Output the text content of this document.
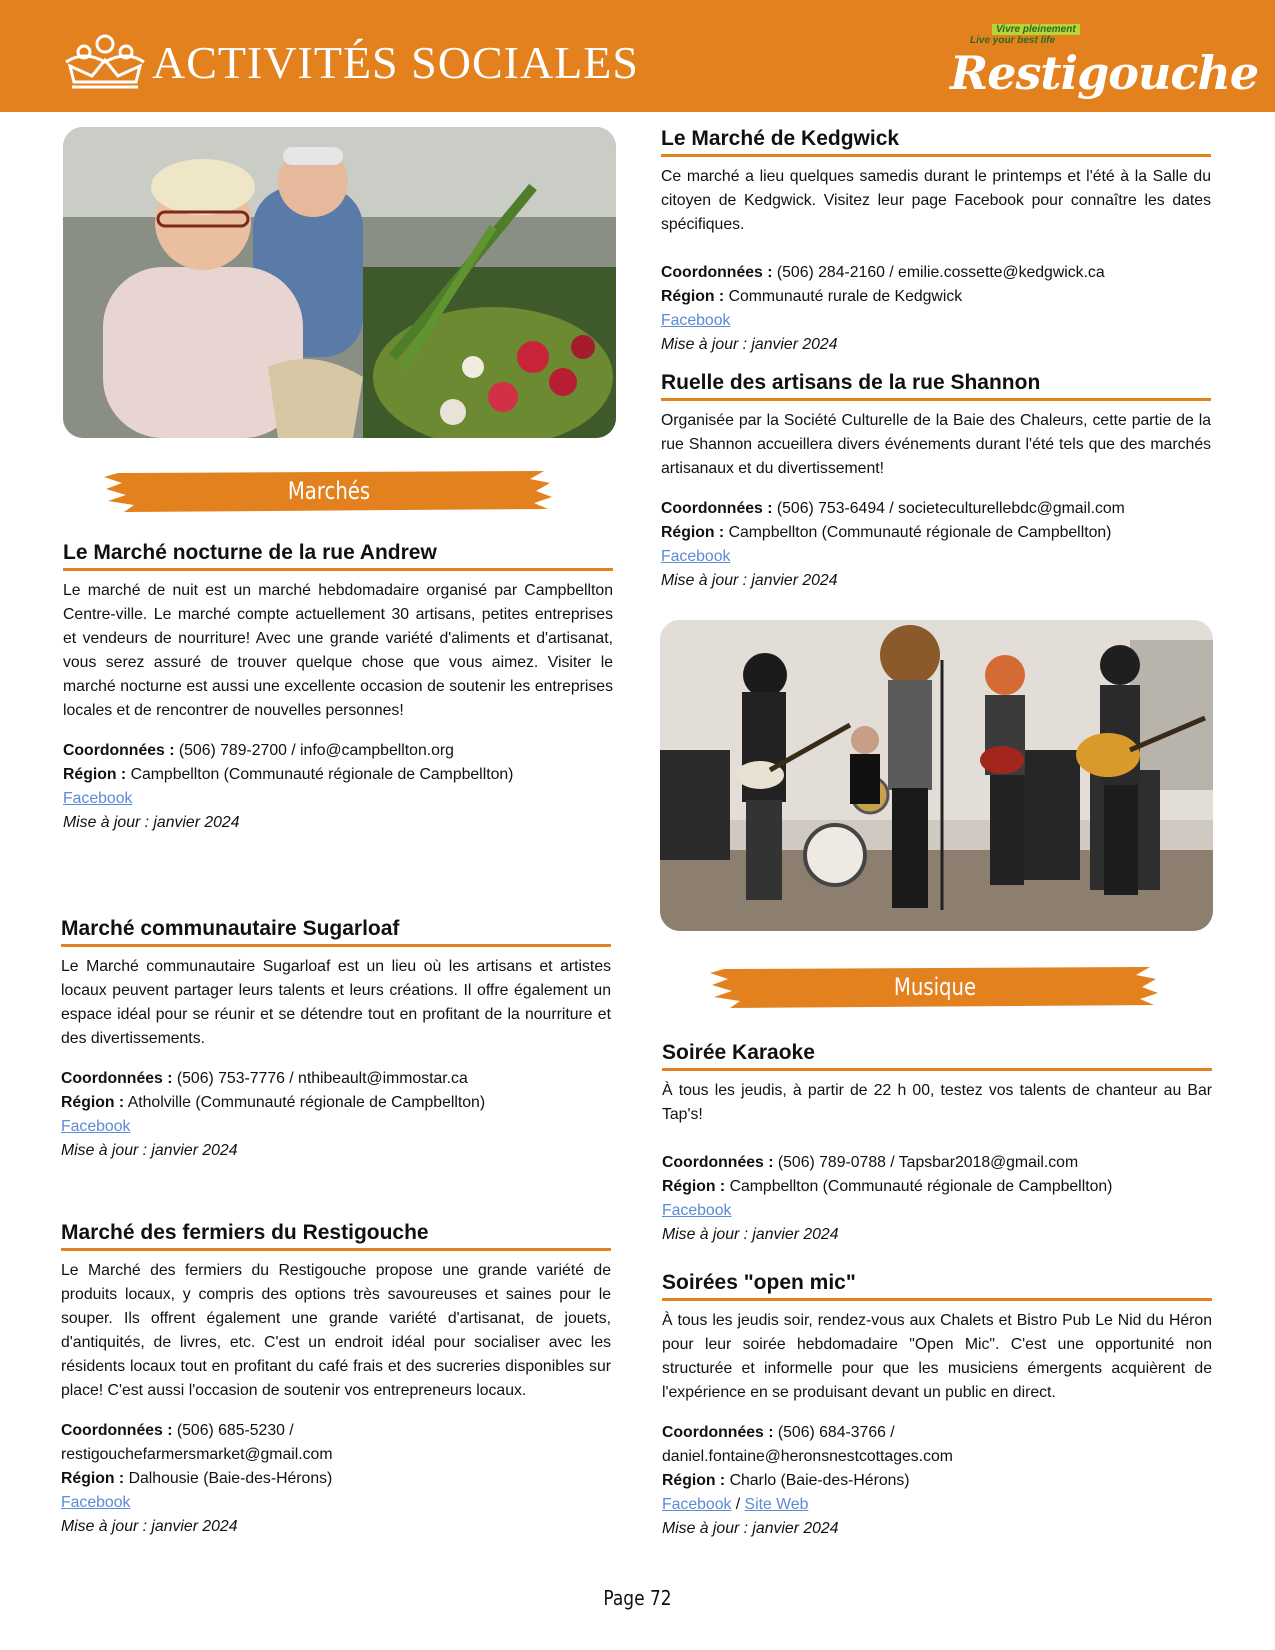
ACTIVITÉS SOCIALES
Vivre pleinement
Live your best life
Restigouche
Marchés
Le Marché nocturne de la rue Andrew

Le marché de nuit est un marché hebdomadaire organisé par Campbellton Centre-ville. Le marché compte actuellement 30 artisans, petites entreprises et vendeurs de nourriture! Avec une grande variété d'aliments et d'artisanat, vous serez assuré de trouver quelque chose que vous aimez. Visiter le marché nocturne est aussi une excellente occasion de soutenir les entreprises locales et de rencontrer de nouvelles personnes!

Coordonnées : (506) 789-2700 / info@campbellton.org
Région : Campbellton (Communauté régionale de Campbellton)
Facebook
Mise à jour : janvier 2024
Marché communautaire Sugarloaf

Le Marché communautaire Sugarloaf est un lieu où les artisans et artistes locaux peuvent partager leurs talents et leurs créations. Il offre également un espace idéal pour se réunir et se détendre tout en profitant de la nourriture et des divertissements.

Coordonnées : (506) 753-7776 / nthibeault@immostar.ca
Région : Atholville (Communauté régionale de Campbellton)
Facebook
Mise à jour : janvier 2024
Marché des fermiers du Restigouche

Le Marché des fermiers du Restigouche propose une grande variété de produits locaux, y compris des options très savoureuses et saines pour le souper. Ils offrent également une grande variété d'artisanat, de jouets, d'antiquités, de livres, etc. C'est un endroit idéal pour socialiser avec les résidents locaux tout en profitant du café frais et des sucreries disponibles sur place! C'est aussi l'occasion de soutenir vos entrepreneurs locaux.

Coordonnées : (506) 685-5230 /
restigouchefarmersmarket@gmail.com
Région : Dalhousie (Baie-des-Hérons)
Facebook
Mise à jour : janvier 2024
Le Marché de Kedgwick

Ce marché a lieu quelques samedis durant le printemps et l'été à la Salle du citoyen de Kedgwick. Visitez leur page Facebook pour connaître les dates spécifiques.

Coordonnées : (506) 284-2160 / emilie.cossette@kedgwick.ca
Région : Communauté rurale de Kedgwick
Facebook
Mise à jour : janvier 2024
Ruelle des artisans de la rue Shannon

Organisée par la Société Culturelle de la Baie des Chaleurs, cette partie de la rue Shannon accueillera divers événements durant l'été tels que des marchés artisanaux et du divertissement!

Coordonnées : (506) 753-6494 / societeculturellebdc@gmail.com
Région : Campbellton (Communauté régionale de Campbellton)
Facebook
Mise à jour : janvier 2024
Musique
Soirée Karaoke

À tous les jeudis, à partir de 22 h 00, testez vos talents de chanteur au Bar Tap's!

Coordonnées : (506) 789-0788 / Tapsbar2018@gmail.com
Région : Campbellton (Communauté régionale de Campbellton)
Facebook
Mise à jour : janvier 2024
Soirées "open mic"

À tous les jeudis soir, rendez-vous aux Chalets et Bistro Pub Le Nid du Héron pour leur soirée hebdomadaire "Open Mic". C'est une opportunité non structurée et informelle pour que les musiciens émergents acquièrent de l'expérience en se produisant devant un public en direct.

Coordonnées : (506) 684-3766 /
daniel.fontaine@heronsnestcottages.com
Région : Charlo (Baie-des-Hérons)
Facebook / Site Web
Mise à jour : janvier 2024
Page 72
